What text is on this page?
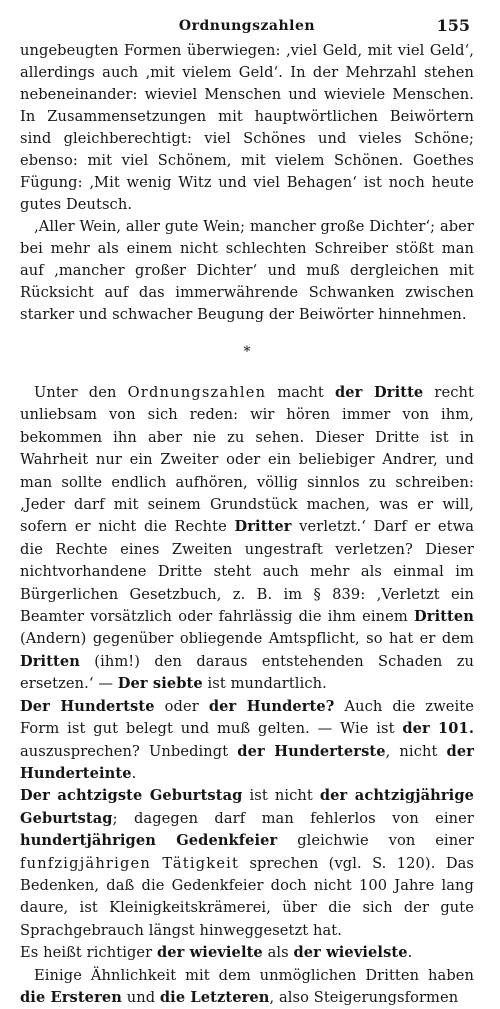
Ordnungszahlen	155

ungebeugten Formen überwiegen: ‚viel Geld, mit viel Geld‘, allerdings auch ‚mit vielem Geld‘. In der Mehrzahl stehen nebeneinander: wieviel Menschen und wieviele Menschen. In Zusammensetzungen mit hauptwörtlichen Beiwörtern sind gleichberechtigt: viel Schönes und vieles Schöne; ebenso: mit viel Schönem, mit vielem Schönen. Goethes Fügung: ‚Mit wenig Witz und viel Behagen‘ ist noch heute gutes Deutsch.

‚Aller Wein, aller gute Wein; mancher große Dichter‘; aber bei mehr als einem nicht schlechten Schreiber stößt man auf ‚mancher großer Dichter‘ und muß dergleichen mit Rücksicht auf das immerwährende Schwanken zwischen starker und schwacher Beugung der Beiwörter hinnehmen.

*

Unter den Ordnungszahlen macht der Dritte recht unliebsam von sich reden: wir hören immer von ihm, bekommen ihn aber nie zu sehen. Dieser Dritte ist in Wahrheit nur ein Zweiter oder ein beliebiger Andrer, und man sollte endlich aufhören, völlig sinnlos zu schreiben: ‚Jeder darf mit seinem Grundstück machen, was er will, sofern er nicht die Rechte Dritter verletzt.‘ Darf er etwa die Rechte eines Zweiten ungestraft verletzen? Dieser nichtvorhandene Dritte steht auch mehr als einmal im Bürgerlichen Gesetzbuch, z. B. im § 839: ‚Verletzt ein Beamter vorsätzlich oder fahrlässig die ihm einem Dritten (Andern) gegenüber obliegende Amtspflicht, so hat er dem Dritten (ihm!) den daraus entstehenden Schaden zu ersetzen.‘ — Der siebte ist mundartlich.

Der Hundertste oder der Hunderte? Auch die zweite Form ist gut belegt und muß gelten. — Wie ist der 101. auszusprechen? Unbedingt der Hunderterste, nicht der Hunderteinte.

Der achtzigste Geburtstag ist nicht der achtzigjährige Geburtstag; dagegen darf man fehlerlos von einer hundertjährigen Gedenkfeier gleichwie von einer funfzigjährigen Tätigkeit sprechen (vgl. S. 120). Das Bedenken, daß die Gedenkfeier doch nicht 100 Jahre lang daure, ist Kleinigkeitskrämerei, über die sich der gute Sprachgebrauch längst hinweggesetzt hat.

Es heißt richtiger der wievielte als der wievielste.

Einige Ähnlichkeit mit dem unmöglichen Dritten haben die Ersteren und die Letzteren, also Steigerungsformen
